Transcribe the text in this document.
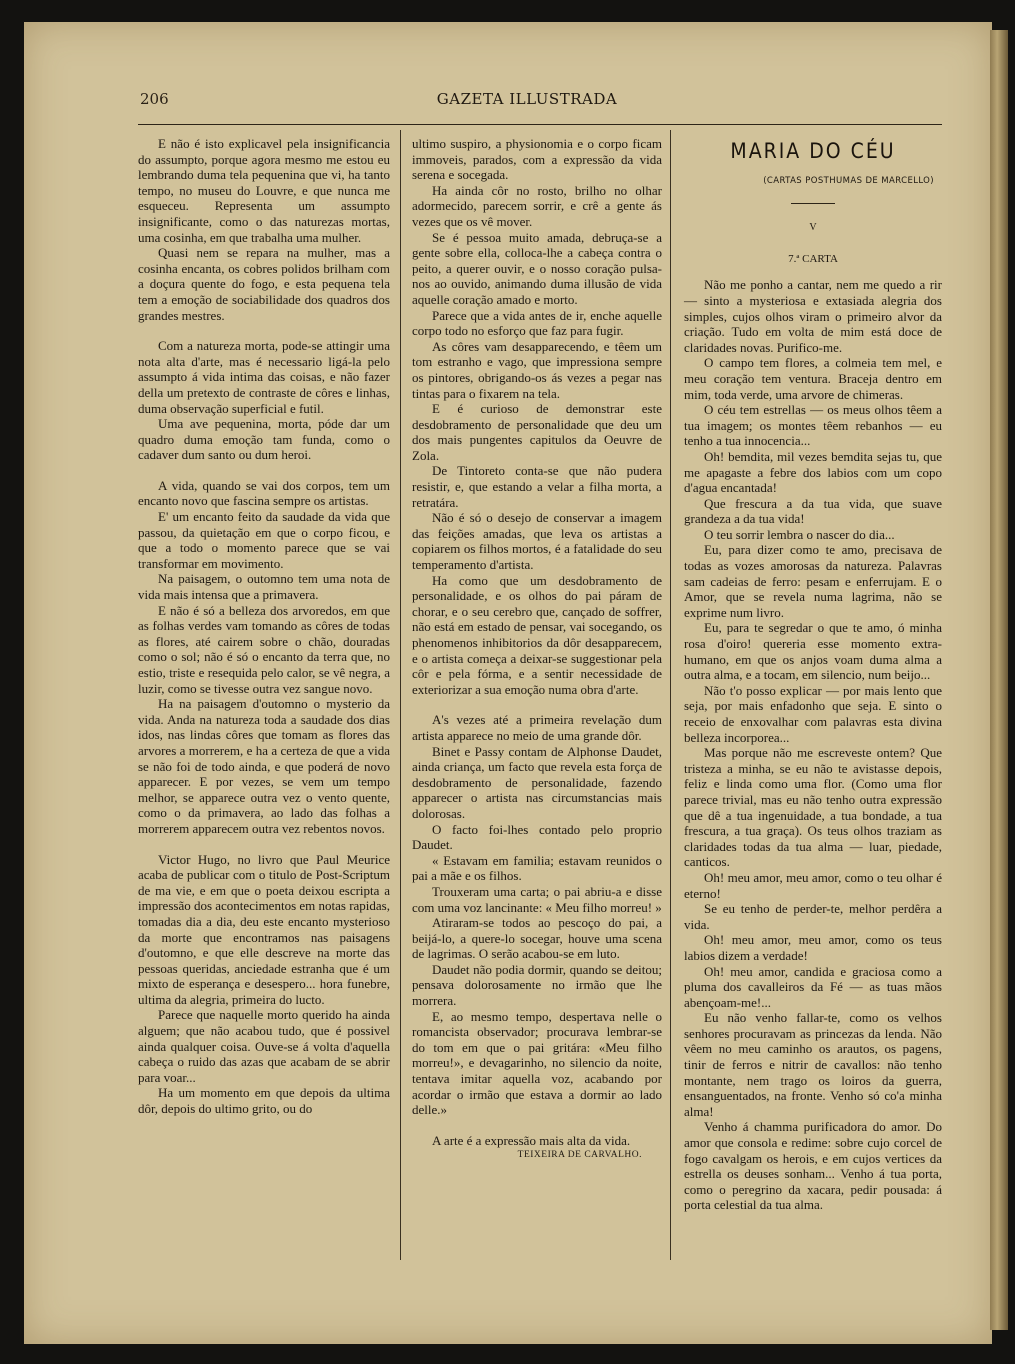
206	GAZETA ILLUSTRADA

E não é isto explicavel pela insignificancia do assumpto, porque agora mesmo me estou eu lembrando duma tela pequenina que vi, ha tanto tempo, no museu do Louvre, e que nunca me esqueceu. Representa um assumpto insignificante, como o das naturezas mortas, uma cosinha, em que trabalha uma mulher.

Quasi nem se repara na mulher, mas a cosinha encanta, os cobres polidos brilham com a doçura quente do fogo, e esta pequena tela tem a emoção de sociabilidade dos quadros dos grandes mestres.

Com a natureza morta, pode-se attingir uma nota alta d'arte, mas é necessario ligá-la pelo assumpto á vida intima das coisas, e não fazer della um pretexto de contraste de côres e linhas, duma observação superficial e futil.

Uma ave pequenina, morta, póde dar um quadro duma emoção tam funda, como o cadaver dum santo ou dum heroi.

A vida, quando se vai dos corpos, tem um encanto novo que fascina sempre os artistas.

E' um encanto feito da saudade da vida que passou, da quietação em que o corpo ficou, e que a todo o momento parece que se vai transformar em movimento.

Na paisagem, o outomno tem uma nota de vida mais intensa que a primavera.

E não é só a belleza dos arvoredos, em que as folhas verdes vam tomando as côres de todas as flores, até cairem sobre o chão, douradas como o sol; não é só o encanto da terra que, no estio, triste e resequida pelo calor, se vê negra, a luzir, como se tivesse outra vez sangue novo.

Ha na paisagem d'outomno o mysterio da vida. Anda na natureza toda a saudade dos dias idos, nas lindas côres que tomam as flores das arvores a morrerem, e ha a certeza de que a vida se não foi de todo ainda, e que poderá de novo apparecer. E por vezes, se vem um tempo melhor, se apparece outra vez o vento quente, como o da primavera, ao lado das folhas a morrerem apparecem outra vez rebentos novos.

Victor Hugo, no livro que Paul Meurice acaba de publicar com o titulo de Post-Scriptum de ma vie, e em que o poeta deixou escripta a impressão dos acontecimentos em notas rapidas, tomadas dia a dia, deu este encanto mysterioso da morte que encontramos nas paisagens d'outomno, e que elle descreve na morte das pessoas queridas, anciedade estranha que é um mixto de esperança e desespero... hora funebre, ultima da alegria, primeira do lucto.

Parece que naquelle morto querido ha ainda alguem; que não acabou tudo, que é possivel ainda qualquer coisa. Ouve-se á volta d'aquella cabeça o ruido das azas que acabam de se abrir para voar...

Ha um momento em que depois da ultima dôr, depois do ultimo grito, ou do

ultimo suspiro, a physionomia e o corpo ficam immoveis, parados, com a expressão da vida serena e socegada.

Ha ainda côr no rosto, brilho no olhar adormecido, parecem sorrir, e crê a gente ás vezes que os vê mover.

Se é pessoa muito amada, debruça-se a gente sobre ella, colloca-lhe a cabeça contra o peito, a querer ouvir, e o nosso coração pulsa-nos ao ouvido, animando duma illusão de vida aquelle coração amado e morto.

Parece que a vida antes de ir, enche aquelle corpo todo no esforço que faz para fugir.

As côres vam desapparecendo, e têem um tom estranho e vago, que impressiona sempre os pintores, obrigando-os ás vezes a pegar nas tintas para o fixarem na tela.

E é curioso de demonstrar este desdobramento de personalidade que deu um dos mais pungentes capitulos da Oeuvre de Zola.

De Tintoreto conta-se que não pudera resistir, e, que estando a velar a filha morta, a retratára.

Não é só o desejo de conservar a imagem das feições amadas, que leva os artistas a copiarem os filhos mortos, é a fatalidade do seu temperamento d'artista.

Ha como que um desdobramento de personalidade, e os olhos do pai páram de chorar, e o seu cerebro que, cançado de soffrer, não está em estado de pensar, vai socegando, os phenomenos inhibitorios da dôr desapparecem, e o artista começa a deixar-se suggestionar pela côr e pela fórma, e a sentir necessidade de exteriorizar a sua emoção numa obra d'arte.

A's vezes até a primeira revelação dum artista apparece no meio de uma grande dôr.

Binet e Passy contam de Alphonse Daudet, ainda criança, um facto que revela esta força de desdobramento de personalidade, fazendo apparecer o artista nas circumstancias mais dolorosas.

O facto foi-lhes contado pelo proprio Daudet.

« Estavam em familia; estavam reunidos o pai a mãe e os filhos.

Trouxeram uma carta; o pai abriu-a e disse com uma voz lancinante: « Meu filho morreu! »

Atiraram-se todos ao pescoço do pai, a beijá-lo, a quere-lo socegar, houve uma scena de lagrimas. O serão acabou-se em luto.

Daudet não podia dormir, quando se deitou; pensava dolorosamente no irmão que lhe morrera.

E, ao mesmo tempo, despertava nelle o romancista observador; procurava lembrar-se do tom em que o pai gritára: «Meu filho morreu!», e devagarinho, no silencio da noite, tentava imitar aquella voz, acabando por acordar o irmão que estava a dormir ao lado delle.»

A arte é a expressão mais alta da vida.

TEIXEIRA DE CARVALHO.

MARIA DO CÉU
(CARTAS POSTHUMAS DE MARCELLO)
V
7.ª CARTA

Não me ponho a cantar, nem me quedo a rir — sinto a mysteriosa e extasiada alegria dos simples, cujos olhos viram o primeiro alvor da criação. Tudo em volta de mim está doce de claridades novas. Purifico-me.

O campo tem flores, a colmeia tem mel, e meu coração tem ventura. Braceja dentro em mim, toda verde, uma arvore de chimeras.

O céu tem estrellas — os meus olhos têem a tua imagem; os montes têem rebanhos — eu tenho a tua innocencia...

Oh! bemdita, mil vezes bemdita sejas tu, que me apagaste a febre dos labios com um copo d'agua encantada!

Que frescura a da tua vida, que suave grandeza a da tua vida!

O teu sorrir lembra o nascer do dia...

Eu, para dizer como te amo, precisava de todas as vozes amorosas da natureza. Palavras sam cadeias de ferro: pesam e enferrujam. E o Amor, que se revela numa lagrima, não se exprime num livro.

Eu, para te segredar o que te amo, ó minha rosa d'oiro! quereria esse momento extra-humano, em que os anjos voam duma alma a outra alma, e a tocam, em silencio, num beijo...

Não t'o posso explicar — por mais lento que seja, por mais enfadonho que seja. E sinto o receio de enxovalhar com palavras esta divina belleza incorporea...

Mas porque não me escreveste ontem? Que tristeza a minha, se eu não te avistasse depois, feliz e linda como uma flor. (Como uma flor parece trivial, mas eu não tenho outra expressão que dê a tua ingenuidade, a tua bondade, a tua frescura, a tua graça). Os teus olhos traziam as claridades todas da tua alma — luar, piedade, canticos.

Oh! meu amor, meu amor, como o teu olhar é eterno!

Se eu tenho de perder-te, melhor perdêra a vida.

Oh! meu amor, meu amor, como os teus labios dizem a verdade!

Oh! meu amor, candida e graciosa como a pluma dos cavalleiros da Fé — as tuas mãos abençoam-me!...

Eu não venho fallar-te, como os velhos senhores procuravam as princezas da lenda. Não vêem no meu caminho os arautos, os pagens, tinir de ferros e nitrir de cavallos: não tenho montante, nem trago os loiros da guerra, ensanguentados, na fronte. Venho só co'a minha alma!

Venho á chamma purificadora do amor. Do amor que consola e redime: sobre cujo corcel de fogo cavalgam os herois, e em cujos vertices da estrella os deuses sonham... Venho á tua porta, como o peregrino da xacara, pedir pousada: á porta celestial da tua alma.
